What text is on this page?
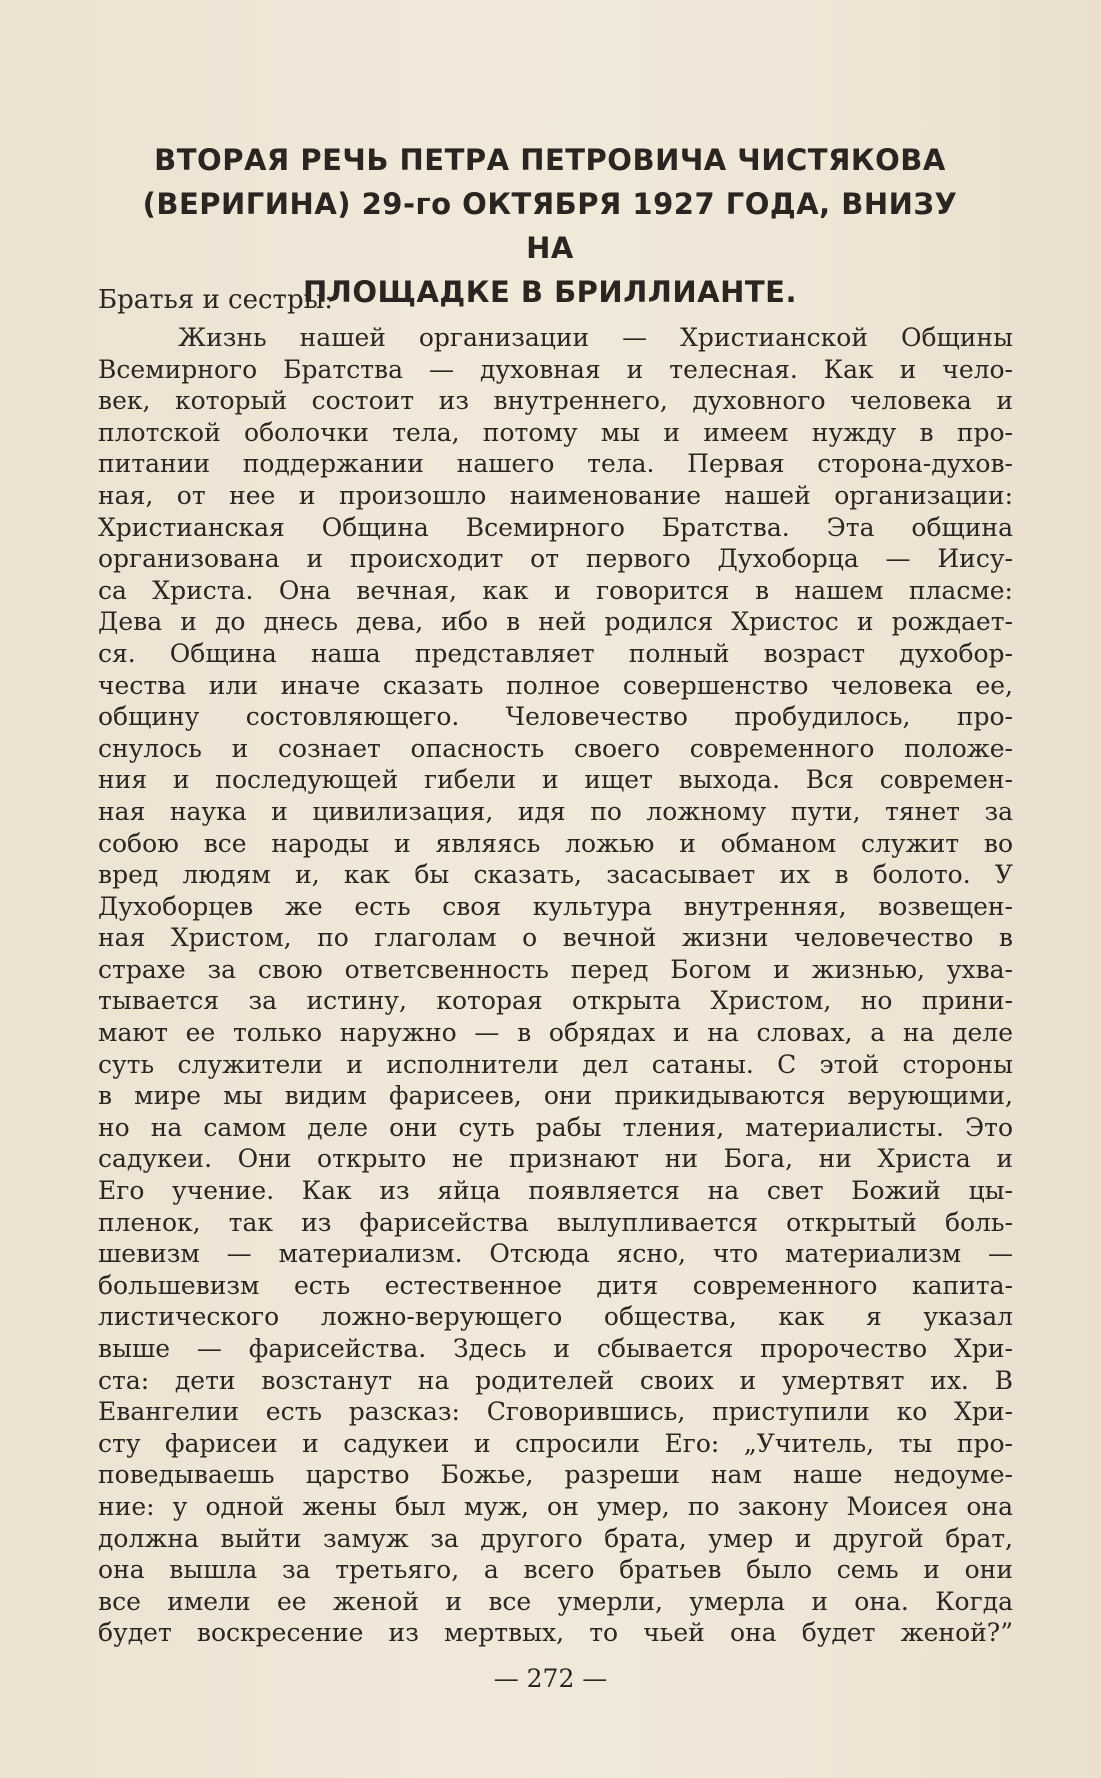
ВТОРАЯ РЕЧЬ ПЕТРА ПЕТРОВИЧА ЧИСТЯКОВА
(ВЕРИГИНА) 29-го ОКТЯБРЯ 1927 ГОДА, ВНИЗУ НА
ПЛОЩАДКЕ В БРИЛЛИАНТЕ.
Братья и сестры:
Жизнь нашей организации — Христианской Общины
Всемирного Братства — духовная и телесная. Как и чело-
век, который состоит из внутреннего, духовного человека и
плотской оболочки тела, потому мы и имеем нужду в про-
питании поддержании нашего тела. Первая сторона-духов-
ная, от нее и произошло наименование нашей организации:
Христианская Община Всемирного Братства. Эта община
организована и происходит от первого Духоборца — Иису-
са Христа. Она вечная, как и говорится в нашем пласме:
Дева и до днесь дева, ибо в ней родился Христос и рождает-
ся. Община наша представляет полный возраст духобор-
чества или иначе сказать полное совершенство человека ее,
общину состовляющего. Человечество пробудилось, про-
снулось и сознает опасность своего современного положе-
ния и последующей гибели и ищет выхода. Вся современ-
ная наука и цивилизация, идя по ложному пути, тянет за
собою все народы и являясь ложью и обманом служит во
вред людям и, как бы сказать, засасывает их в болото. У
Духоборцев же есть своя культура внутренняя, возвещен-
ная Христом, по глаголам о вечной жизни человечество в
страхе за свою ответсвенность перед Богом и жизнью, ухва-
тывается за истину, которая открыта Христом, но прини-
мают ее только наружно — в обрядах и на словах, а на деле
суть служители и исполнители дел сатаны. С этой стороны
в мире мы видим фарисеев, они прикидываются верующими,
но на самом деле они суть рабы тления, материалисты. Это
садукеи. Они открыто не признают ни Бога, ни Христа и
Его учение. Как из яйца появляется на свет Божий цы-
пленок, так из фарисейства вылупливается открытый боль-
шевизм — материализм. Отсюда ясно, что материализм —
большевизм есть естественное дитя современного капита-
листического ложно-верующего общества, как я указал
выше — фарисейства. Здесь и сбывается пророчество Хри-
ста: дети возстанут на родителей своих и умертвят их. В
Евангелии есть разсказ: Сговорившись, приступили ко Хри-
сту фарисеи и садукеи и спросили Его: „Учитель, ты про-
поведываешь царство Божье, разреши нам наше недоуме-
ние: у одной жены был муж, он умер, по закону Моисея она
должна выйти замуж за другого брата, умер и другой брат,
она вышла за третьяго, а всего братьев было семь и они
все имели ее женой и все умерли, умерла и она. Когда
будет воскресение из мертвых, то чьей она будет женой?”
— 272 —
